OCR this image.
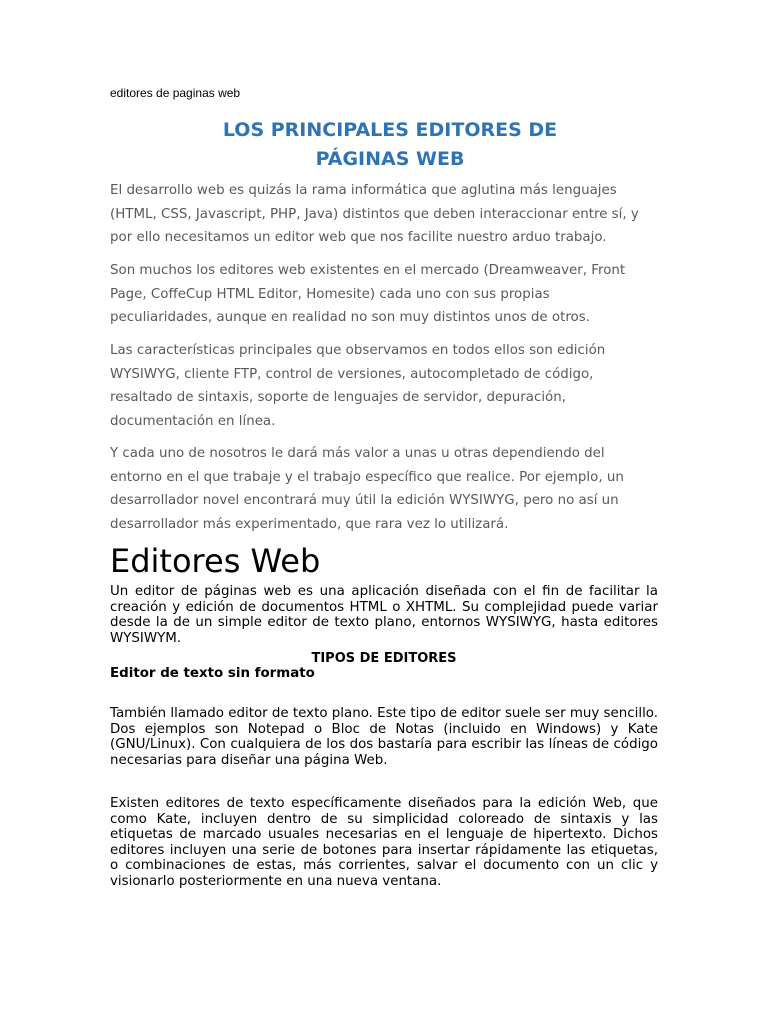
editores de paginas web
LOS PRINCIPALES EDITORES DE
PÁGINAS WEB
El desarrollo web es quizás la rama informática que aglutina más lenguajes (HTML, CSS, Javascript, PHP, Java) distintos que deben interaccionar entre sí, y por ello necesitamos un editor web que nos facilite nuestro arduo trabajo.
Son muchos los editores web existentes en el mercado (Dreamweaver, Front Page, CoffeCup HTML Editor, Homesite) cada uno con sus propias peculiaridades, aunque en realidad no son muy distintos unos de otros.
Las características principales que observamos en todos ellos son edición WYSIWYG, cliente FTP, control de versiones, autocompletado de código, resaltado de sintaxis, soporte de lenguajes de servidor, depuración, documentación en línea.
Y cada uno de nosotros le dará más valor a unas u otras dependiendo del entorno en el que trabaje y el trabajo específico que realice. Por ejemplo, un desarrollador novel encontrará muy útil la edición WYSIWYG, pero no así un desarrollador más experimentado, que rara vez lo utilizará.
Editores Web
Un editor de páginas web es una aplicación diseñada con el fin de facilitar la creación y edición de documentos HTML o XHTML. Su complejidad puede variar desde la de un simple editor de texto plano, entornos WYSIWYG, hasta editores WYSIWYM.
TIPOS DE EDITORES
Editor de texto sin formato
También llamado editor de texto plano. Este tipo de editor suele ser muy sencillo. Dos ejemplos son Notepad o Bloc de Notas (incluido en Windows) y Kate (GNU/Linux). Con cualquiera de los dos bastaría para escribir las líneas de código necesarias para diseñar una página Web.
Existen editores de texto específicamente diseñados para la edición Web, que como Kate, incluyen dentro de su simplicidad coloreado de sintaxis y las etiquetas de marcado usuales necesarias en el lenguaje de hipertexto. Dichos editores incluyen una serie de botones para insertar rápidamente las etiquetas, o combinaciones de estas, más corrientes, salvar el documento con un clic y visionarlo posteriormente en una nueva ventana.
